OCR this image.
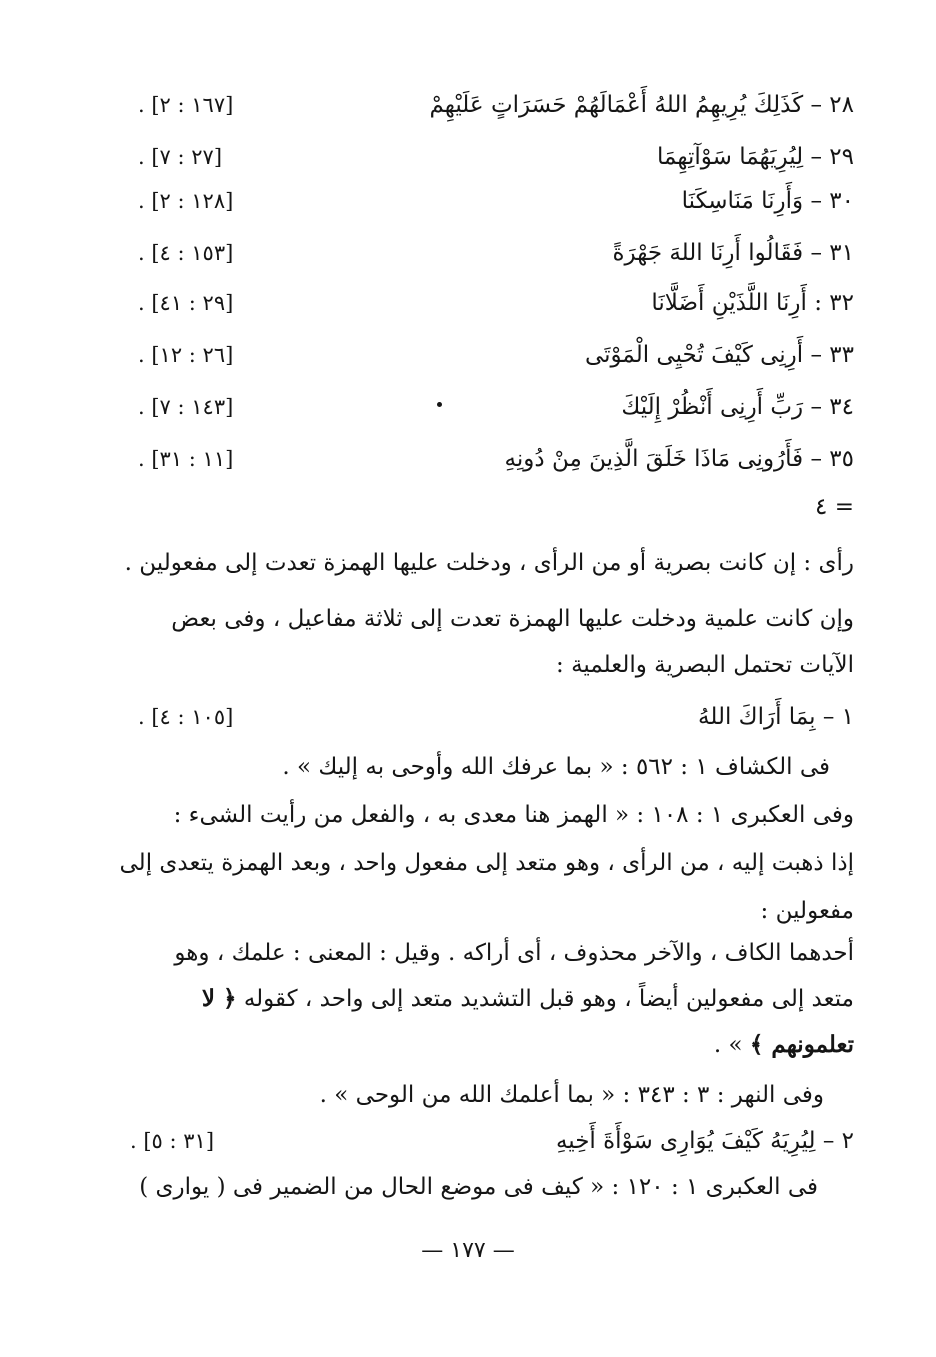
٢٨ – كَذَلِكَ يُرِيهِمُ اللهُ أَعْمَالَهُمْ حَسَرَاتٍ عَلَيْهِمْ
. [١٦٧ : ٢]
٢٩ – لِيُرِيَهُمَا سَوْآتِهِمَا
. [٢٧ : ٧]
٣٠ – وَأَرِنَا مَنَاسِكَنَا
. [١٢٨ : ٢]
٣١ – فَقَالُوا أَرِنَا اللهَ جَهْرَةً
. [١٥٣ : ٤]
٣٢ : أَرِنَا اللَّذَيْنِ أَضَلَّانَا
. [٢٩ : ٤١]
٣٣ – أَرِنِى كَيْفَ تُحْيِى الْمَوْتَى
. [٢٦ : ١٢]
٣٤ – رَبِّ أَرِنِى أَنْظُرْ إِلَيْكَ
. [١٤٣ : ٧]
٣٥ – فَأَرُونِى مَاذَا خَلَقَ الَّذِينَ مِنْ دُونِهِ
. [١١ : ٣١]
= ٤
رأى : إن كانت بصرية أو من الرأى ، ودخلت عليها الهمزة تعدت إلى مفعولين .
وإن كانت علمية ودخلت عليها الهمزة تعدت إلى ثلاثة مفاعيل ، وفى بعض
الآيات تحتمل البصرية والعلمية :
١ – بِمَا أَرَاكَ اللهُ
. [١٠٥ : ٤]
فى الكشاف ١ : ٥٦٢ : « بما عرفك الله وأوحى به إليك » .
وفى العكبرى ١ : ١٠٨ : « الهمز هنا معدى به ، والفعل من رأيت الشىء :
إذا ذهبت إليه ، من الرأى ، وهو متعد إلى مفعول واحد ، وبعد الهمزة يتعدى إلى
مفعولين :
أحدهما الكاف ، والآخر محذوف ، أى أراكه . وقيل : المعنى : علمك ، وهو
متعد إلى مفعولين أيضاً ، وهو قبل التشديد متعد إلى واحد ، كقوله ﴿ لا
تعلمونهم ﴾ » .
وفى النهر : ٣ : ٣٤٣ : « بما أعلمك الله من الوحى » .
٢ – لِيُرِيَهُ كَيْفَ يُوَارِى سَوْأَةَ أَخِيهِ
. [٣١ : ٥]
فى العكبرى ١ : ١٢٠ : « كيف فى موضع الحال من الضمير فى ( يوارى )
— ١٧٧ —
